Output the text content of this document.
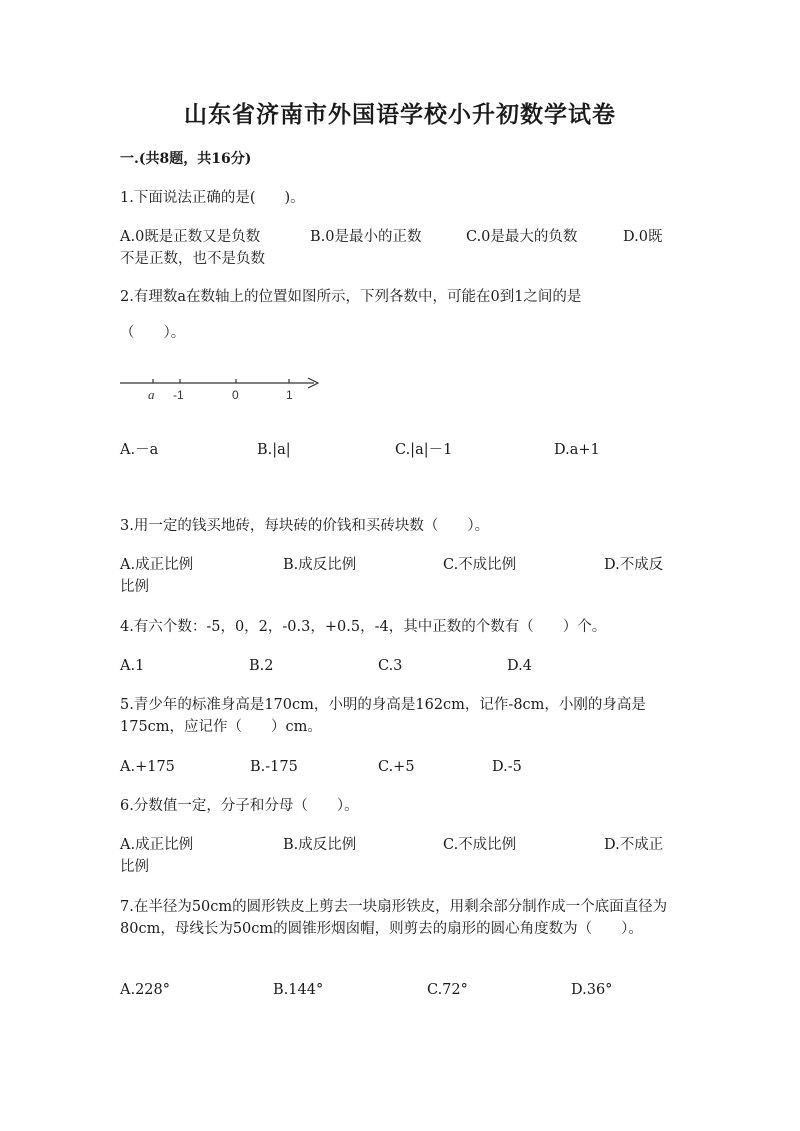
山东省济南市外国语学校小升初数学试卷
一.(共8题，共16分)
1.下面说法正确的是(　　)。
A.0既是正数又是负数	B.0是最小的正数	C.0是最大的负数	D.0既
不是正数，也不是负数
2.有理数a在数轴上的位置如图所示，下列各数中，可能在0到1之间的是
（　　）。
a -1	0	1
A.－a	B.|a|	C.|a|－1	D.a+1
3.用一定的钱买地砖，每块砖的价钱和买砖块数（　　）。
A.成正比例	B.成反比例	C.不成比例	D.不成反
比例
4.有六个数：-5，0，2，-0.3，+0.5，-4，其中正数的个数有（　　）个。
A.1	B.2	C.3	D.4
5.青少年的标准身高是170cm，小明的身高是162cm，记作-8cm，小刚的身高是175cm，应记作（　　）cm。
A.+175	B.-175	C.+5	D.-5
6.分数值一定，分子和分母（　　）。
A.成正比例	B.成反比例	C.不成比例	D.不成正
比例
7.在半径为50cm的圆形铁皮上剪去一块扇形铁皮，用剩余部分制作成一个底面直径为80cm，母线长为50cm的圆锥形烟囱帽，则剪去的扇形的圆心角度数为（　　）。
A.228°	B.144°	C.72°	D.36°
